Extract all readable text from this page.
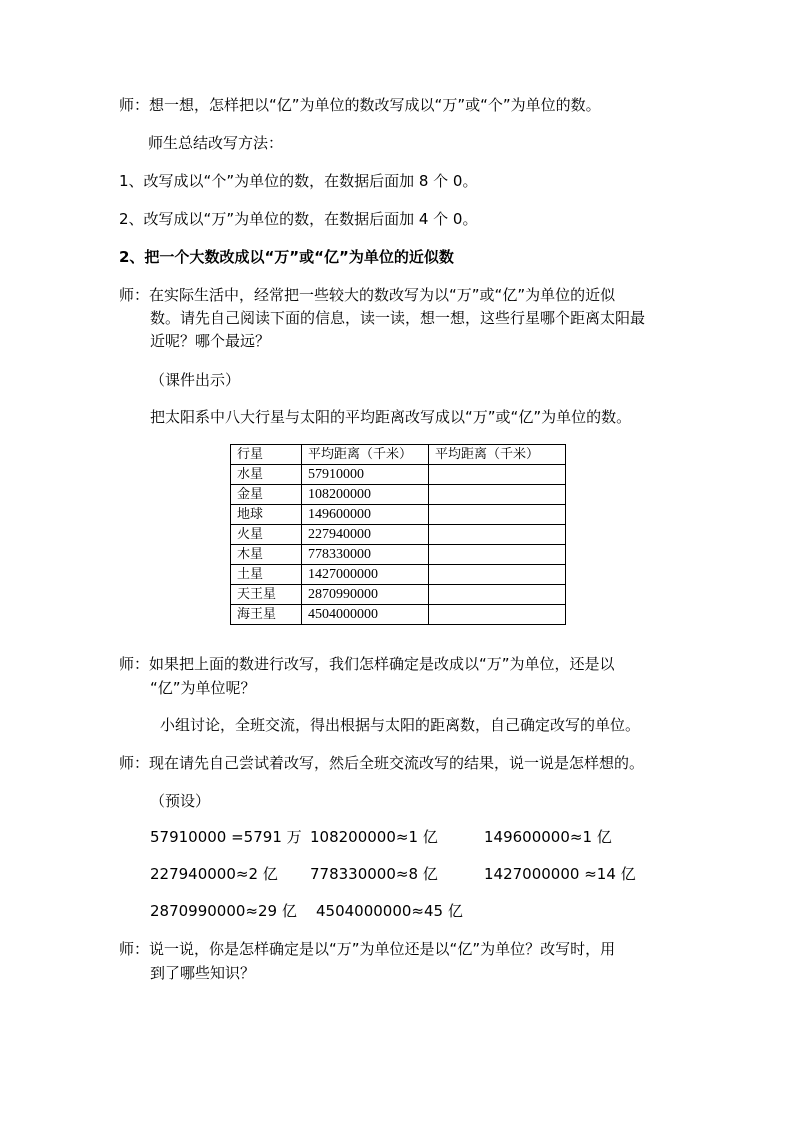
师：想一想，怎样把以“亿”为单位的数改写成以“万”或“个”为单位的数。
师生总结改写方法：
1、改写成以“个”为单位的数，在数据后面加 8 个 0。
2、改写成以“万”为单位的数，在数据后面加 4 个 0。
2、把一个大数改成以“万”或“亿”为单位的近似数
师：在实际生活中，经常把一些较大的数改写为以“万”或“亿”为单位的近似
数。请先自己阅读下面的信息，读一读，想一想，这些行星哪个距离太阳最
近呢？哪个最远？
（课件出示）
把太阳系中八大行星与太阳的平均距离改写成以“万”或“亿”为单位的数。
行星	平均距离（千米）	平均距离（千米）
水星	57910000	
金星	108200000	
地球	149600000	
火星	227940000	
木星	778330000	
土星	1427000000	
天王星	2870990000	
海王星	4504000000	
师：如果把上面的数进行改写，我们怎样确定是改成以“万”为单位，还是以
“亿”为单位呢？
小组讨论，全班交流，得出根据与太阳的距离数，自己确定改写的单位。
师：现在请先自己尝试着改写，然后全班交流改写的结果，说一说是怎样想的。
（预设）
57910000 =5791 万 108200000≈1 亿	149600000≈1 亿
227940000≈2 亿 778330000≈8 亿	1427000000 ≈14 亿
2870990000≈29 亿 4504000000≈45 亿
师：说一说，你是怎样确定是以“万”为单位还是以“亿”为单位？改写时，用
到了哪些知识？
